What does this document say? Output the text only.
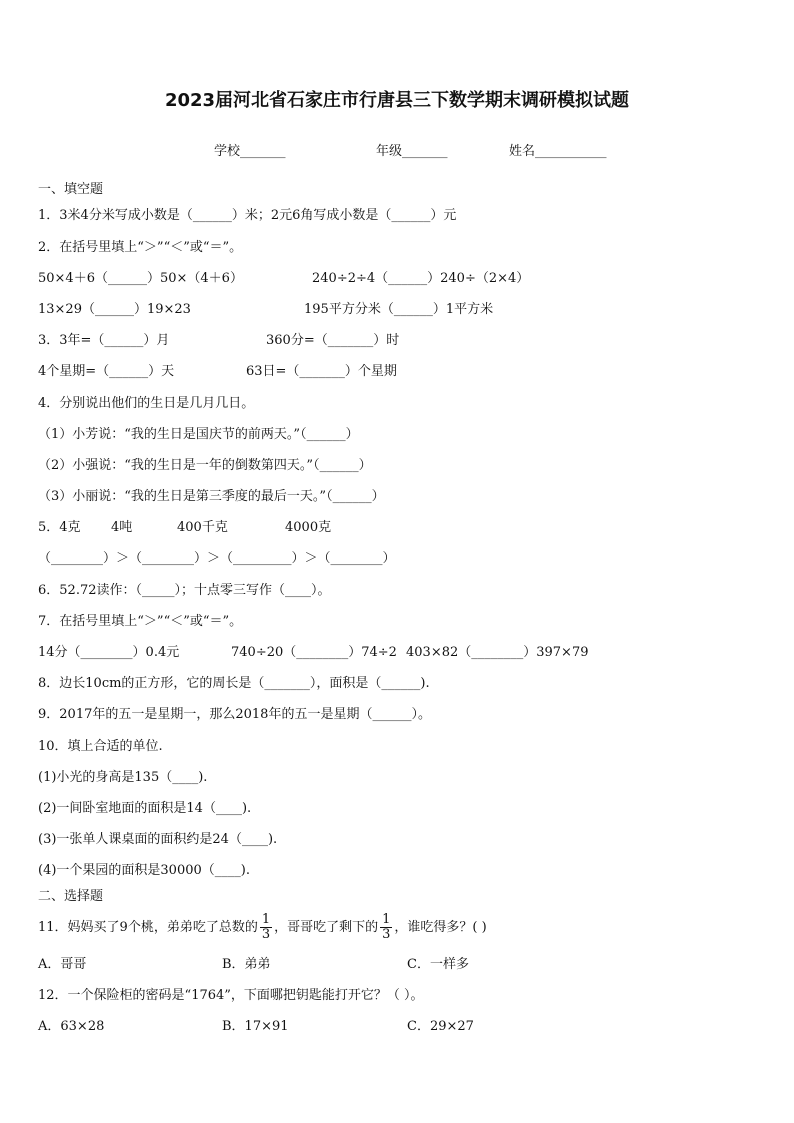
2023届河北省石家庄市行唐县三下数学期末调研模拟试题
学校_______	年级_______	姓名___________
一、填空题
1．3米4分米写成小数是（______）米；2元6角写成小数是（______）元
2．在括号里填上“＞”“＜”或“＝”。
50×4＋6（______）50×（4＋6）	240÷2÷4（______）240÷（2×4）
13×29（______）19×23	195平方分米（______）1平方米
3．3年=（______）月	360分=（_______）时
4个星期=（______）天	63日=（_______）个星期
4．分别说出他们的生日是几月几日。
（1）小芳说：“我的生日是国庆节的前两天。”（______）
（2）小强说：“我的生日是一年的倒数第四天。”（______）
（3）小丽说：“我的生日是第三季度的最后一天。”（______）
5．4克 4吨	400千克	4000克
（________）＞（________）＞（_________）＞（________）
6．52.72读作：（_____）；十点零三写作（____）。
7．在括号里填上“＞”“＜”或“＝”。
14分（________）0.4元	740÷20（________）74÷2 403×82（________）397×79
8．边长10cm的正方形，它的周长是（_______），面积是（______).
9．2017年的五一是星期一，那么2018年的五一是星期（______）。
10．填上合适的单位.
(1)小光的身高是135（____).
(2)一间卧室地面的面积是14（____).
(3)一张单人课桌面的面积约是24（____).
(4)一个果园的面积是30000（____).
二、选择题
11．妈妈买了9个桃，弟弟吃了总数的 $\frac{1}{3}$ ，哥哥吃了剩下的 $\frac{1}{3}$ ，谁吃得多？( )
A．哥哥	B．弟弟	C．一样多
12．一个保险柜的密码是“1764”，下面哪把钥匙能打开它？（ ）。
A．63×28	B．17×91	C．29×27
